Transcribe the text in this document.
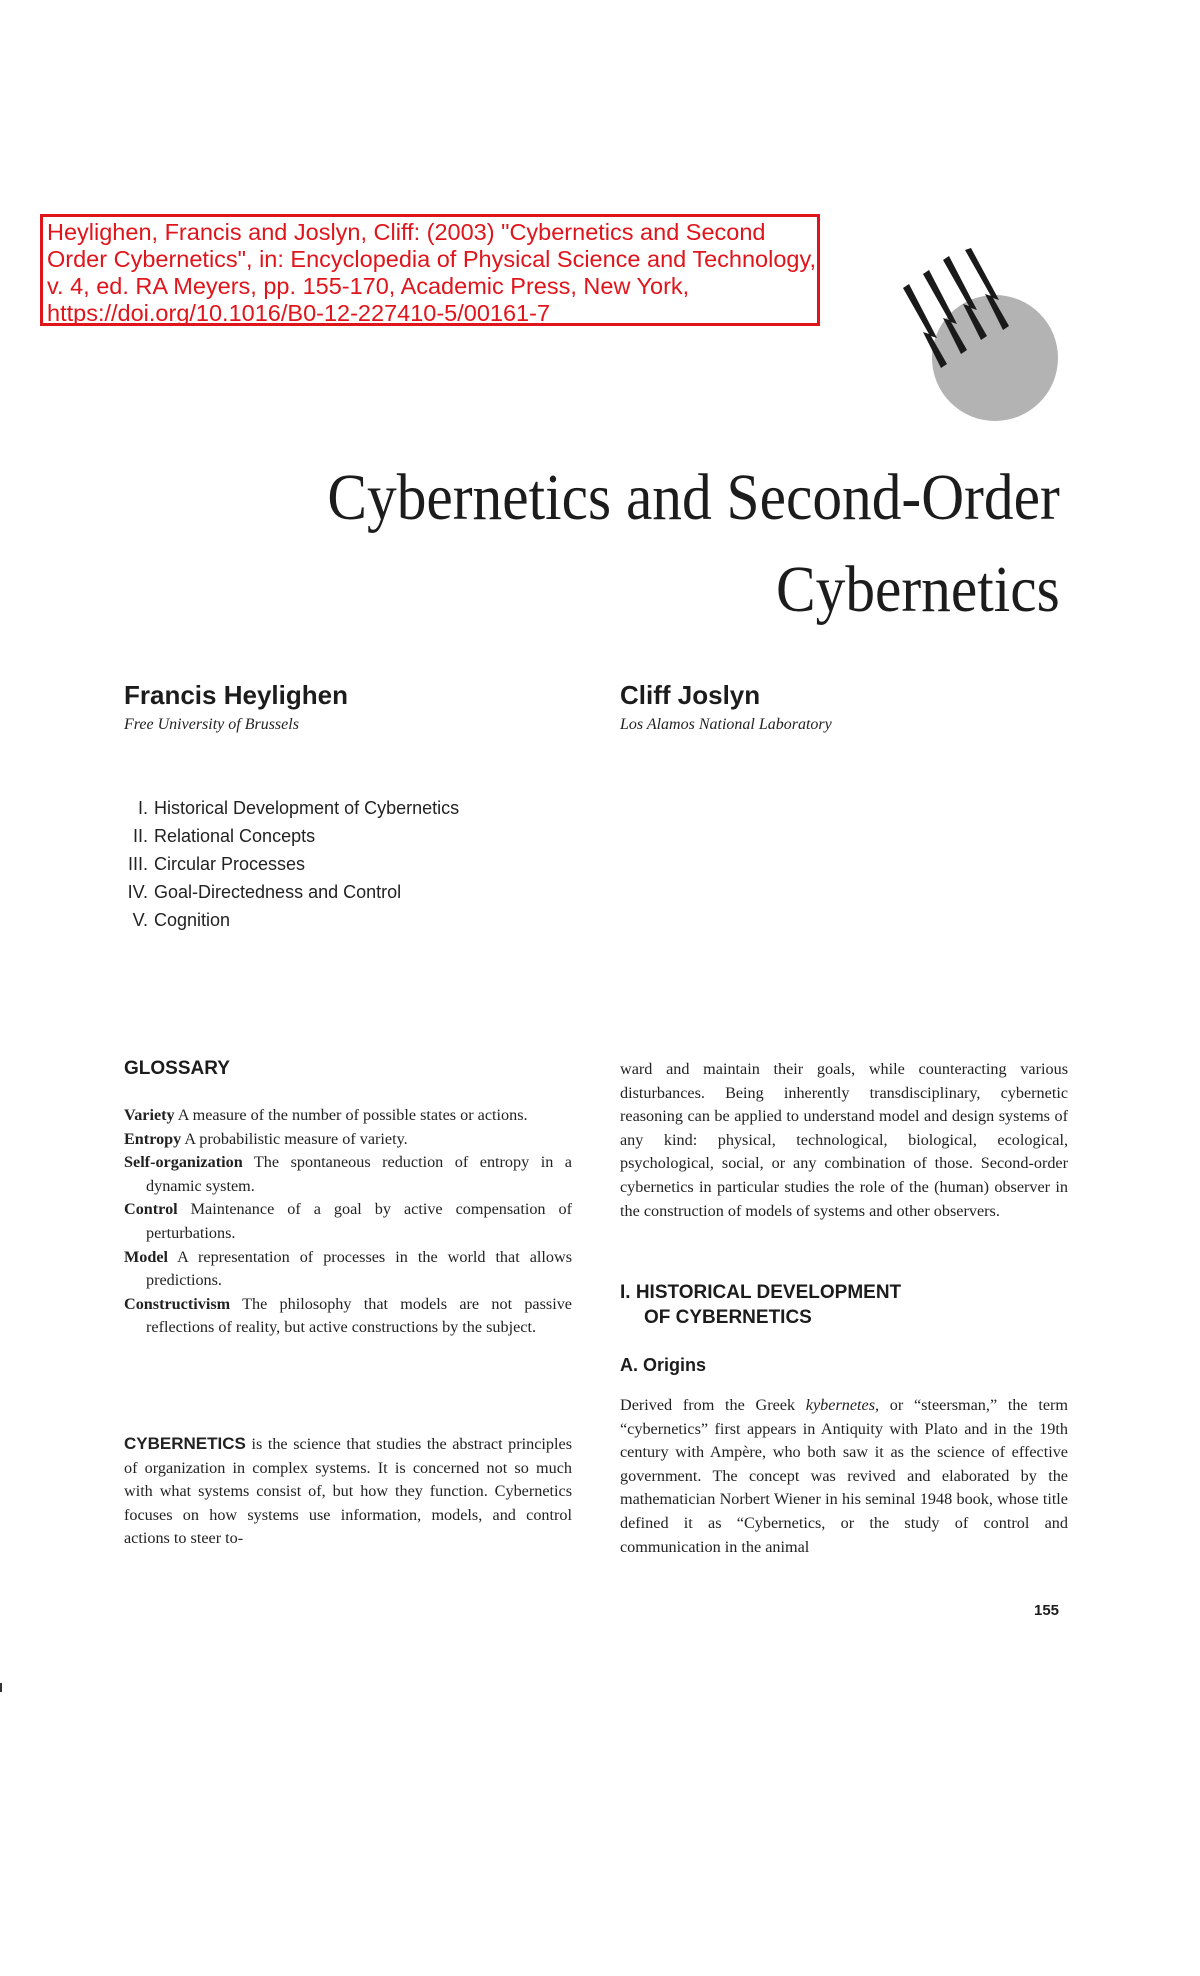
Heylighen, Francis and Joslyn, Cliff: (2003) "Cybernetics and Second
Order Cybernetics", in: Encyclopedia of Physical Science and Technology,
v. 4, ed. RA Meyers, pp. 155-170, Academic Press, New York,
https://doi.org/10.1016/B0-12-227410-5/00161-7
Cybernetics and Second-Order
Cybernetics
Francis Heylighen
Free University of Brussels
Cliff Joslyn
Los Alamos National Laboratory
I. Historical Development of Cybernetics
II. Relational Concepts
III. Circular Processes
IV. Goal-Directedness and Control
V. Cognition
GLOSSARY

Variety A measure of the number of possible states or actions.

Entropy A probabilistic measure of variety.

Self-organization The spontaneous reduction of entropy in a dynamic system.

Control Maintenance of a goal by active compensation of perturbations.

Model A representation of processes in the world that allows predictions.

Constructivism The philosophy that models are not passive reflections of reality, but active constructions by the subject.

CYBERNETICS is the science that studies the abstract principles of organization in complex systems. It is concerned not so much with what systems consist of, but how they function. Cybernetics focuses on how systems use information, models, and control actions to steer to-

ward and maintain their goals, while counteracting various disturbances. Being inherently transdisciplinary, cybernetic reasoning can be applied to understand model and design systems of any kind: physical, technological, biological, ecological, psychological, social, or any combination of those. Second-order cybernetics in particular studies the role of the (human) observer in the construction of models of systems and other observers.

I. HISTORICAL DEVELOPMENT
OF CYBERNETICS
A. Origins

Derived from the Greek kybernetes, or “steersman,” the term “cybernetics” first appears in Antiquity with Plato and in the 19th century with Ampère, who both saw it as the science of effective government. The concept was revived and elaborated by the mathematician Norbert Wiener in his seminal 1948 book, whose title defined it as “Cybernetics, or the study of control and communication in the animal

155
